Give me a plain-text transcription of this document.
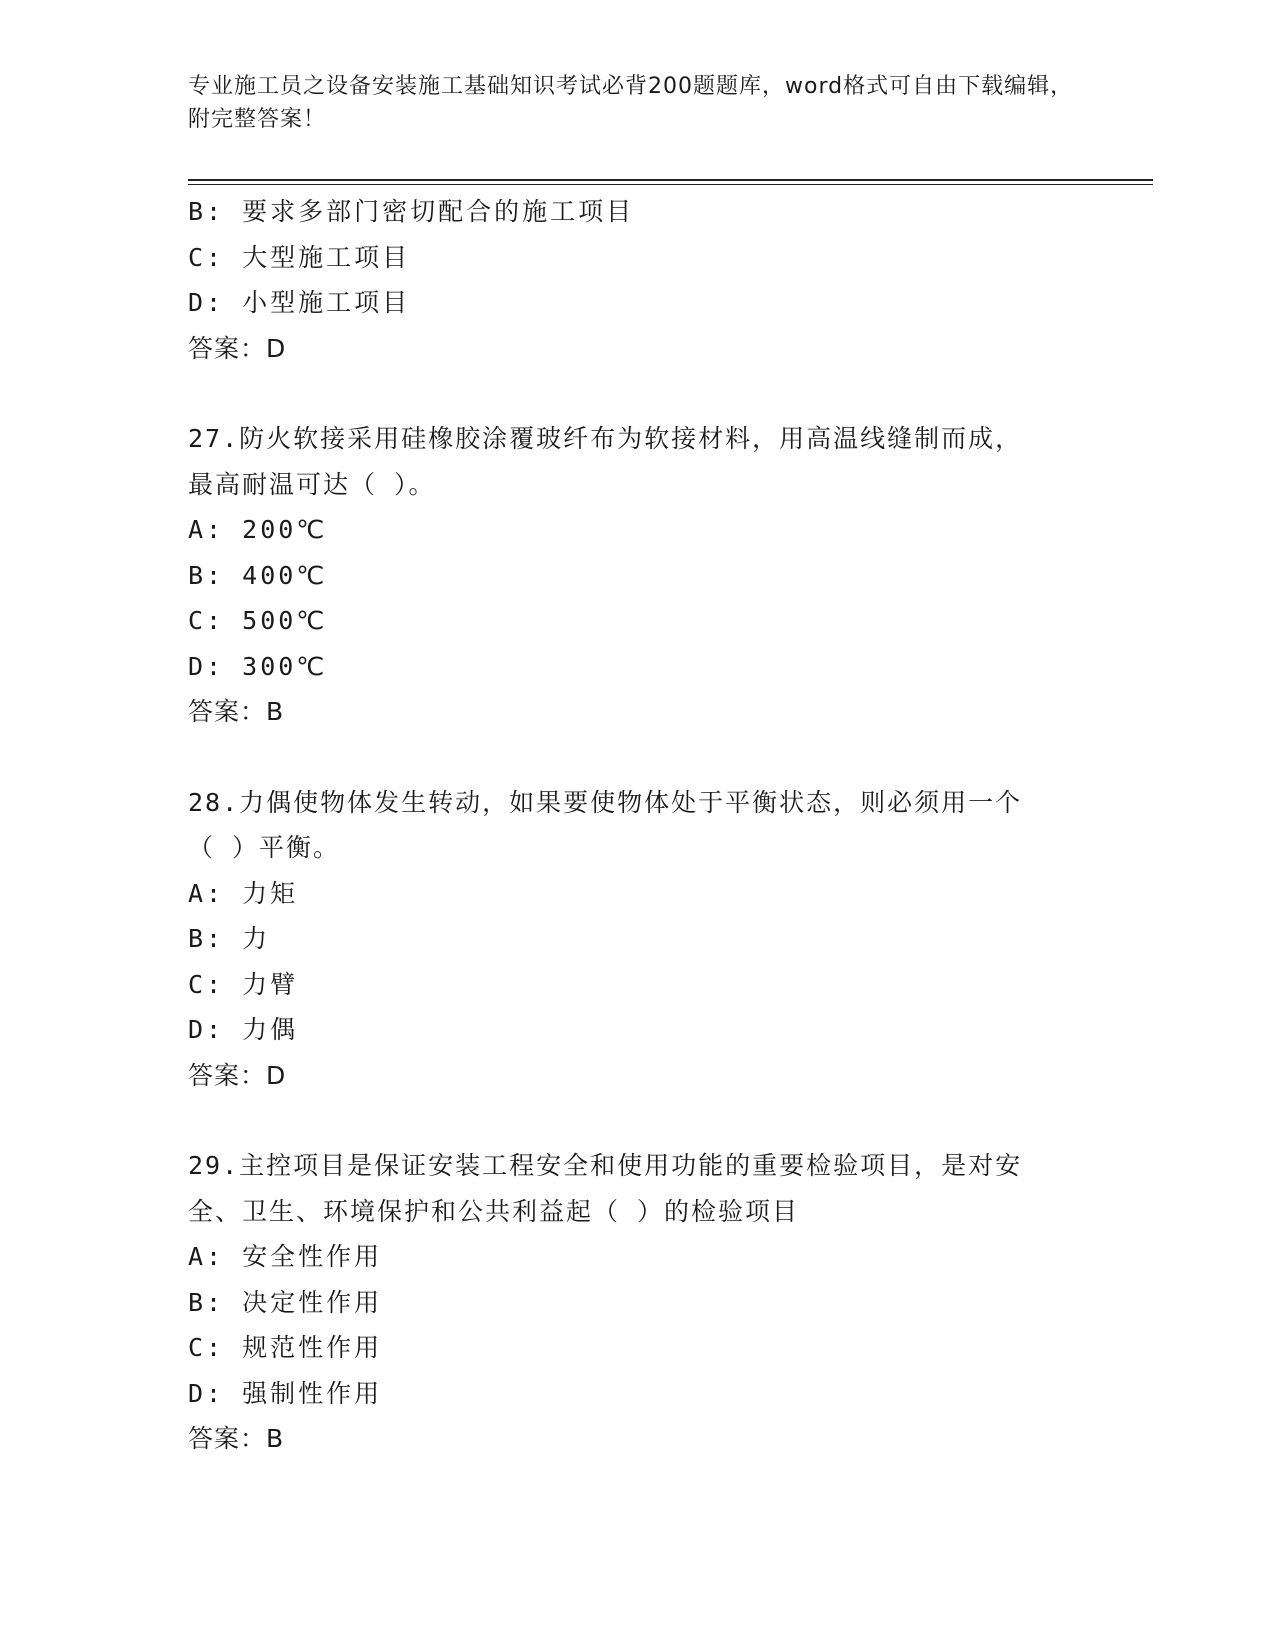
专业施工员之设备安装施工基础知识考试必背200题题库，word格式可自由下载编辑，附完整答案！
B: 要求多部门密切配合的施工项目
C: 大型施工项目
D: 小型施工项目
答案：D
27.防火软接采用硅橡胶涂覆玻纤布为软接材料，用高温线缝制而成，
最高耐温可达（ ）。
A: 200℃
B: 400℃
C: 500℃
D: 300℃
答案：B
28.力偶使物体发生转动，如果要使物体处于平衡状态，则必须用一个
（ ）平衡。
A: 力矩
B: 力
C: 力臂
D: 力偶
答案：D
29.主控项目是保证安装工程安全和使用功能的重要检验项目，是对安
全、卫生、环境保护和公共利益起（ ）的检验项目
A: 安全性作用
B: 决定性作用
C: 规范性作用
D: 强制性作用
答案：B
